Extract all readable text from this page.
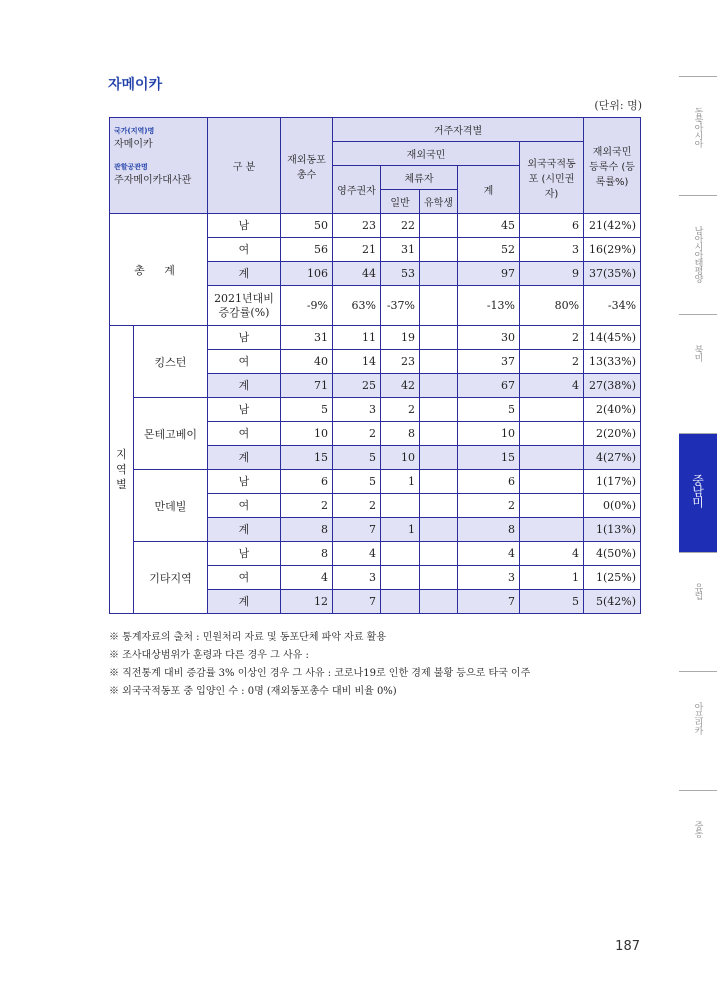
자메이카
(단위: 명)
국가(지역)명
자메이카
관할공관명
주자메이카대사관		구 분	재외동포 총수	거주자격별					재외국민 등록수 (등록률%)
				재외국민				외국국적동포 (시민권자)	
				영주권자	체류자		계		
					일반	유학생			
총 계		남	50	23	22		45	6	21(42%)
		여	56	21	31		52	3	16(29%)
		계	106	44	53		97	9	37(35%)
		2021년대비 증감률(%)	-9%	63%	-37%		-13%	80%	-34%
지역별	킹스턴	남	31	11	19		30	2	14(45%)
		여	40	14	23		37	2	13(33%)
		계	71	25	42		67	4	27(38%)
	몬테고베이	남	5	3	2		5		2(40%)
		여	10	2	8		10		2(20%)
		계	15	5	10		15		4(27%)
	만데빌	남	6	5	1		6		1(17%)
		여	2	2			2		0(0%)
		계	8	7	1		8		1(13%)
	기타지역	남	8	4			4	4	4(50%)
		여	4	3			3	1	1(25%)
		계	12	7			7	5	5(42%)
※ 통계자료의 출처 : 민원처리 자료 및 동포단체 파악 자료 활용
※ 조사대상범위가 훈령과 다른 경우 그 사유 :
※ 직전통계 대비 증감률 3% 이상인 경우 그 사유 : 코로나19로 인한 경제 불황 등으로 타국 이주
※ 외국국적동포 중 입양인 수 : 0명 (재외동포총수 대비 비율 0%)
동북아시아
남아시아태평양
북미
중남미
유럽
아프리카
중동
187
